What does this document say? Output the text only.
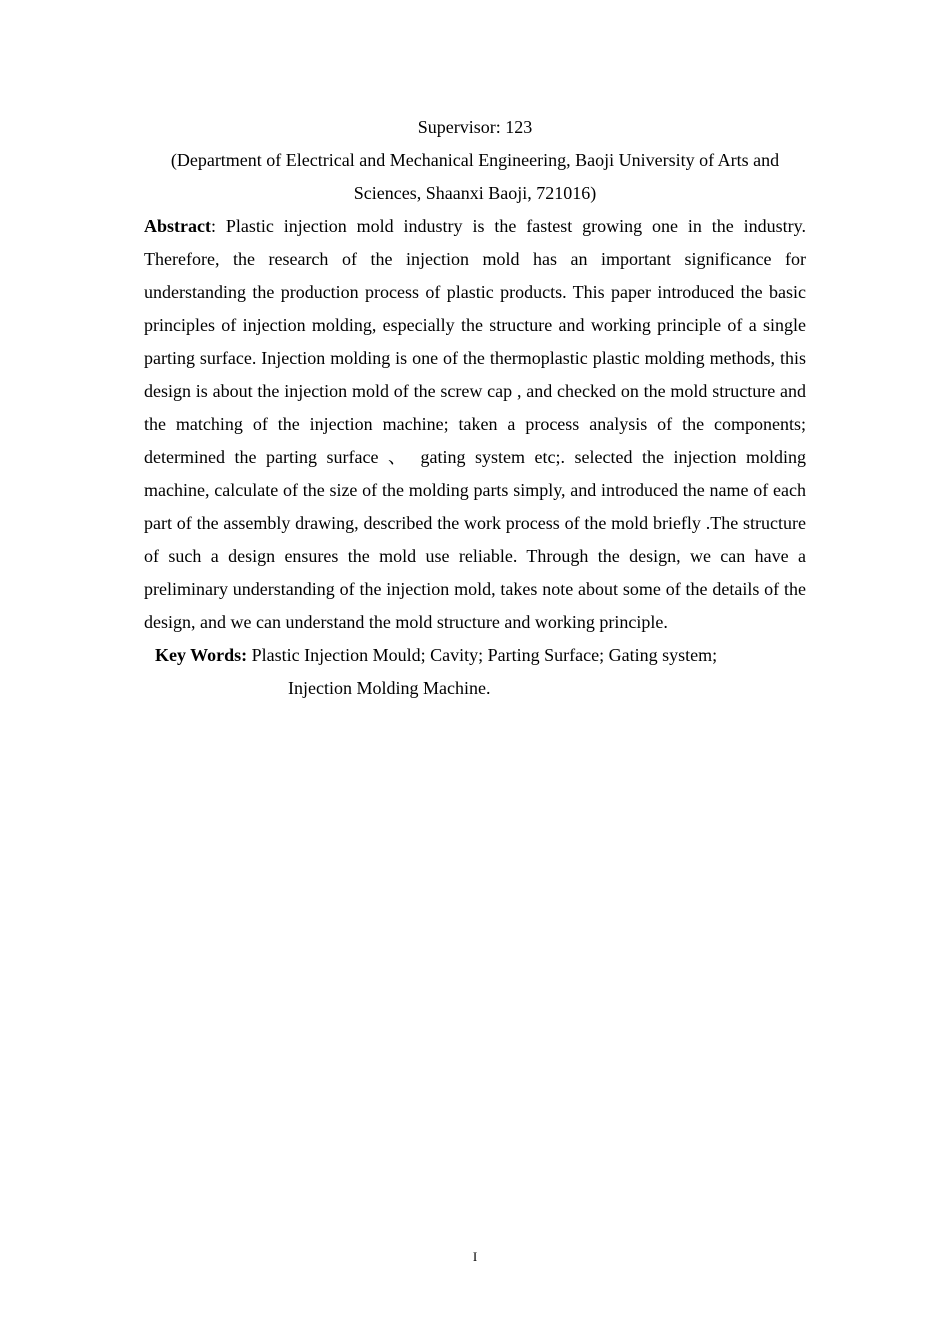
Supervisor: 123
(Department of Electrical and Mechanical Engineering, Baoji University of Arts and
Sciences, Shaanxi Baoji, 721016)

Abstract: Plastic injection mold industry is the fastest growing one in the industry. Therefore, the research of the injection mold has an important significance for understanding the production process of plastic products. This paper introduced the basic principles of injection molding, especially the structure and working principle of a single parting surface. Injection molding is one of the thermoplastic plastic molding methods, this design is about the injection mold of the screw cap , and checked on the mold structure and the matching of the injection machine; taken a process analysis of the components; determined the parting surface 、 gating system etc;. selected the injection molding machine, calculate of the size of the molding parts simply, and introduced the name of each part of the assembly drawing, described the work process of the mold briefly .The structure of such a design ensures the mold use reliable. Through the design, we can have a preliminary understanding of the injection mold, takes note about some of the details of the design, and we can understand the mold structure and working principle.

Key Words: Plastic Injection Mould; Cavity; Parting Surface; Gating system;
Injection Molding Machine.
I
